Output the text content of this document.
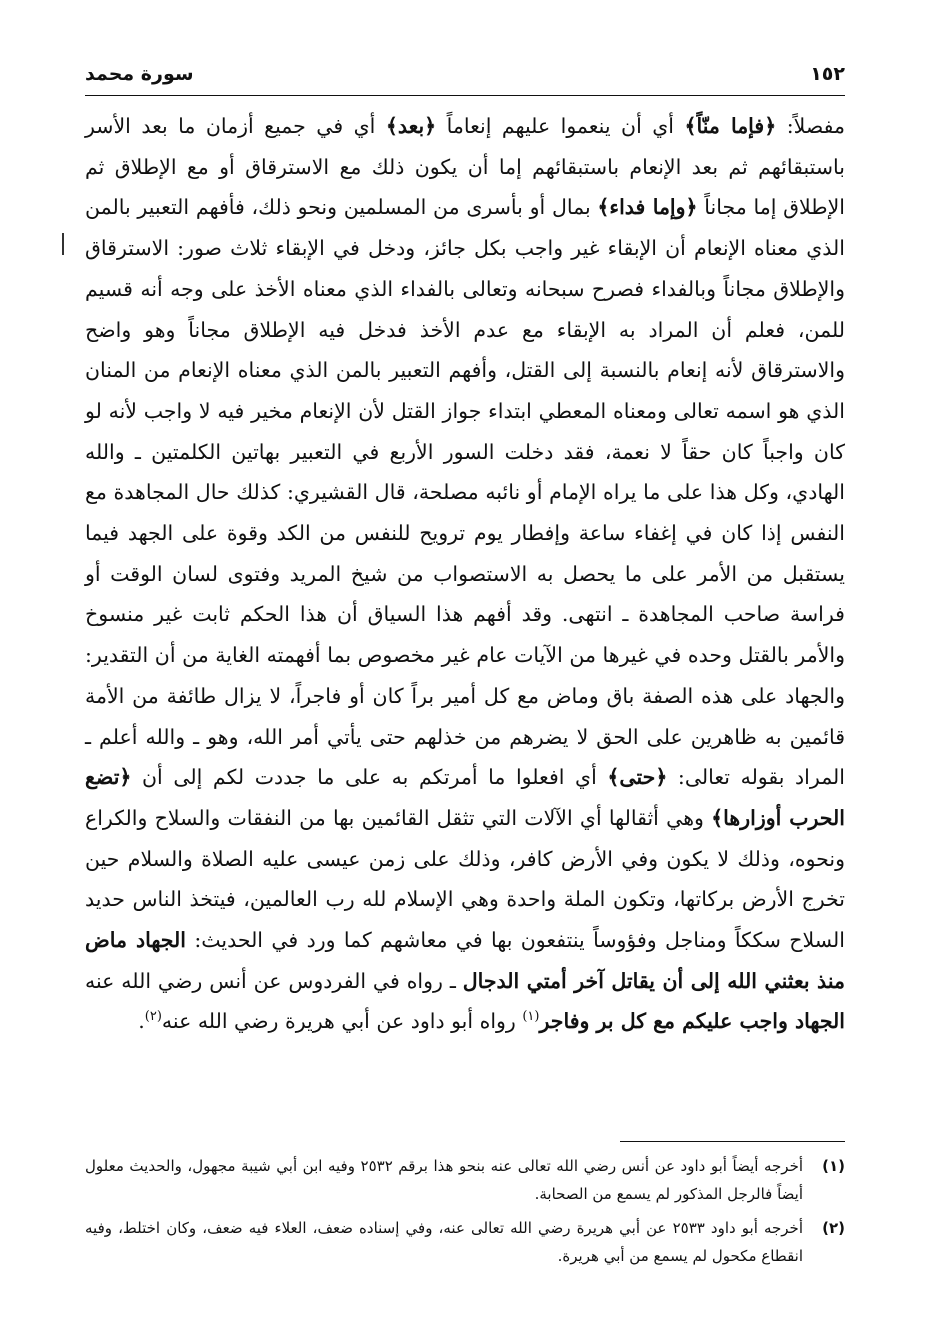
١٥٢
سورة محمد

مفصلاً: ﴿فإما منّاً﴾ أي أن ينعموا عليهم إنعاماً ﴿بعد﴾ أي في جميع أزمان ما بعد الأسر باستبقائهم ثم بعد الإنعام باستبقائهم إما أن يكون ذلك مع الاسترقاق أو مع الإطلاق ثم الإطلاق إما مجاناً ﴿وإما فداء﴾ بمال أو بأسرى من المسلمين ونحو ذلك، فأفهم التعبير بالمن الذي معناه الإنعام أن الإبقاء غير واجب بكل جائز، ودخل في الإبقاء ثلاث صور: الاسترقاق والإطلاق مجاناً وبالفداء فصرح سبحانه وتعالى بالفداء الذي معناه الأخذ على وجه أنه قسيم للمن، فعلم أن المراد به الإبقاء مع عدم الأخذ فدخل فيه الإطلاق مجاناً وهو واضح والاسترقاق لأنه إنعام بالنسبة إلى القتل، وأفهم التعبير بالمن الذي معناه الإنعام من المنان الذي هو اسمه تعالى ومعناه المعطي ابتداء جواز القتل لأن الإنعام مخير فيه لا واجب لأنه لو كان واجباً كان حقاً لا نعمة، فقد دخلت السور الأربع في التعبير بهاتين الكلمتين ـ والله الهادي، وكل هذا على ما يراه الإمام أو نائبه مصلحة، قال القشيري: كذلك حال المجاهدة مع النفس إذا كان في إغفاء ساعة وإفطار يوم ترويح للنفس من الكد وقوة على الجهد فيما يستقبل من الأمر على ما يحصل به الاستصواب من شيخ المريد وفتوى لسان الوقت أو فراسة صاحب المجاهدة ـ انتهى. وقد أفهم هذا السياق أن هذا الحكم ثابت غير منسوخ والأمر بالقتل وحده في غيرها من الآيات عام غير مخصوص بما أفهمته الغاية من أن التقدير: والجهاد على هذه الصفة باق وماض مع كل أمير براً كان أو فاجراً، لا يزال طائفة من الأمة قائمين به ظاهرين على الحق لا يضرهم من خذلهم حتى يأتي أمر الله، وهو ـ والله أعلم ـ المراد بقوله تعالى: ﴿حتى﴾ أي افعلوا ما أمرتكم به على ما جددت لكم إلى أن ﴿تضع الحرب أوزارها﴾ وهي أثقالها أي الآلات التي تثقل القائمين بها من النفقات والسلاح والكراع ونحوه، وذلك لا يكون وفي الأرض كافر، وذلك على زمن عيسى عليه الصلاة والسلام حين تخرج الأرض بركاتها، وتكون الملة واحدة وهي الإسلام لله رب العالمين، فيتخذ الناس حديد السلاح سككاً ومناجل وفؤوساً ينتفعون بها في معاشهم كما ورد في الحديث: الجهاد ماض منذ بعثني الله إلى أن يقاتل آخر أمتي الدجال ـ رواه في الفردوس عن أنس رضي الله عنه الجهاد واجب عليكم مع كل بر وفاجر$^{(١)}$ رواه أبو داود عن أبي هريرة رضي الله عنه$^{(٢)}$.

(١)
أخرجه أيضاً أبو داود عن أنس رضي الله تعالى عنه بنحو هذا برقم ٢٥٣٢ وفيه ابن أبي شيبة مجهول، والحديث معلول أيضاً فالرجل المذكور لم يسمع من الصحابة.
(٢)
أخرجه أبو داود ٢٥٣٣ عن أبي هريرة رضي الله تعالى عنه، وفي إسناده ضعف، العلاء فيه ضعف، وكان اختلط، وفيه انقطاع مكحول لم يسمع من أبي هريرة.
